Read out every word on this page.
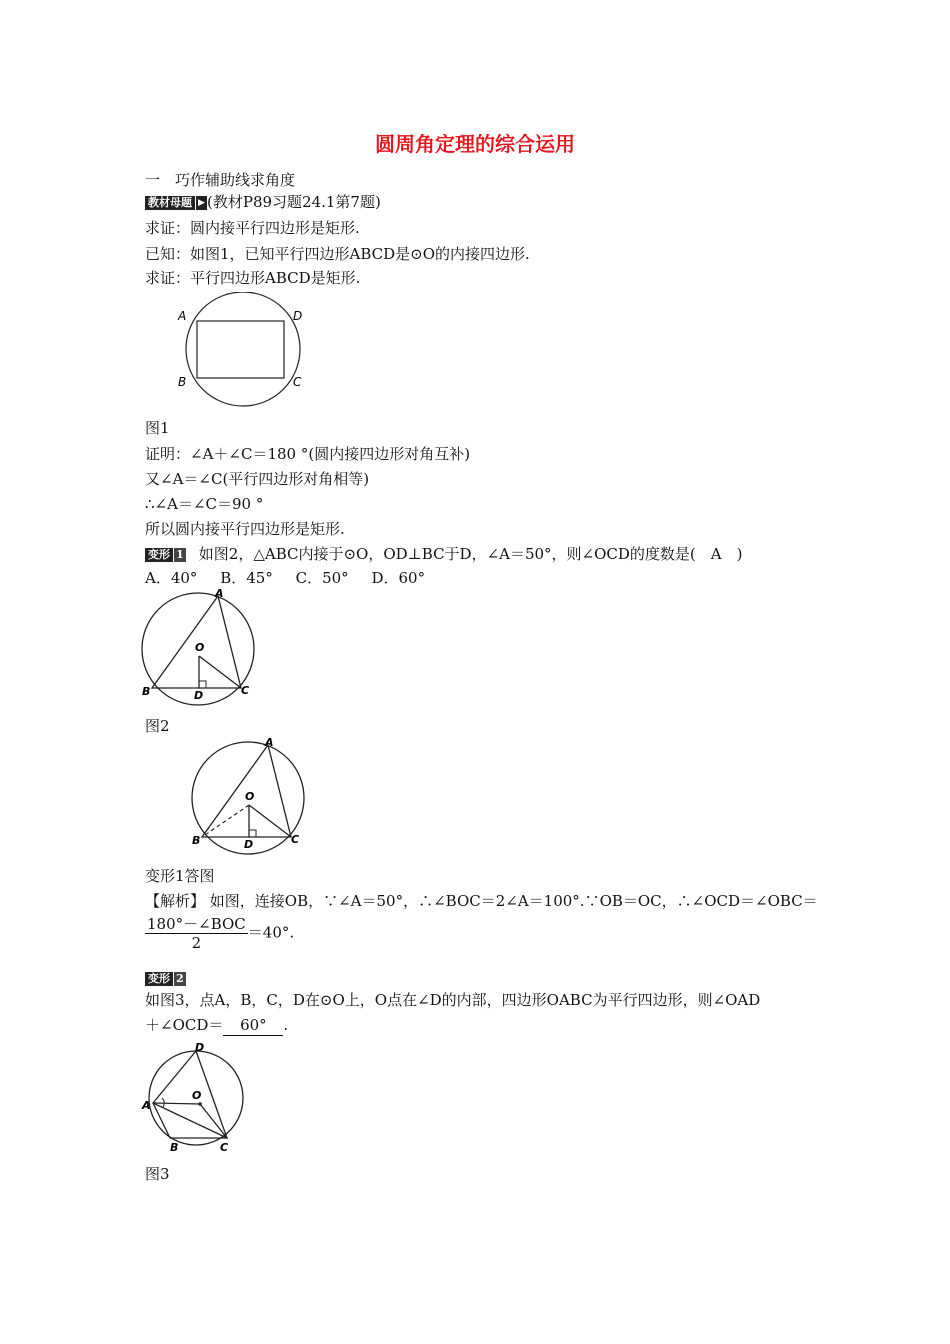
圆周角定理的综合运用
一　巧作辅助线求角度
教材母题 ▶ (教材P89习题24.1第7题)
求证：圆内接平行四边形是矩形.
已知：如图1，已知平行四边形ABCD是⊙O的内接四边形.
求证：平行四边形ABCD是矩形.
A	D
B	C
图1
证明：∠A＋∠C＝180 °(圆内接四边形对角互补)
又∠A＝∠C(平行四边形对角相等)
∴∠A＝∠C＝90 °
所以圆内接平行四边形是矩形.
变形 1 如图2，△ABC内接于⊙O，OD⊥BC于D，∠A＝50°，则∠OCD的度数是(　A　)
A．40° B．45° C．50° D．60°
A
O
B	D	C
图2
A
O
B	D	C
变形1答图
【解析】 如图，连接OB，∵∠A＝50°，∴∠BOC＝2∠A＝100°.∵OB＝OC，∴∠OCD＝∠OBC＝
$\frac{\text{180°－∠BOC}}{2} =40^\circ$.
变形 2
如图3，点A，B，C，D在⊙O上，O点在∠D的内部，四边形OABC为平行四边形，则∠OAD
＋∠OCD＝ 60° .
D
A
O
B	C
图3
